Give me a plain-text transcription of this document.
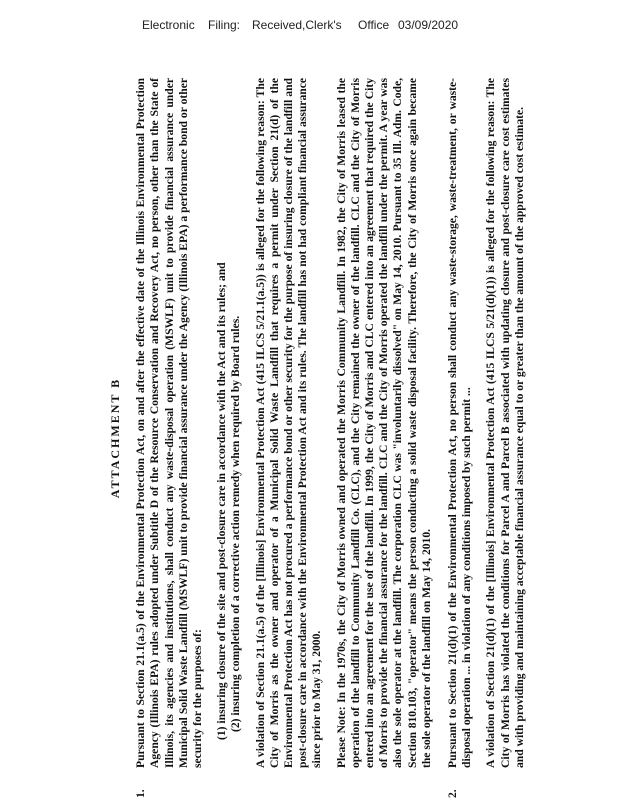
Electronic Filing: Received,Clerk's Office 03/09/2020
ATTACHMENT B
1.
Pursuant to Section 21.1(a.5) of the Environmental Protection Act, on and after the effective date of the Illinois Environmental Protection Agency (Illinois EPA) rules adopted under Subtitle D of the Resource Conservation and Recovery Act, no person, other than the State of Illinois, its agencies and institutions, shall conduct any waste-disposal operation (MSWLF) unit to provide financial assurance under Municipal Solid Waste Landfill (MSWLF) unit to provide financial assurance under the Agency (Illinois EPA) a performance bond or other security for the purposes of: (1) insuring closure of the site and post-closure care in accordance with the Act and its rules; and (2) insuring completion of a corrective action remedy when required by Board rules. A violation of Section 21.1(a.5) of the [Illinois] Environmental Protection Act (415 ILCS 5/21.1(a.5)) is alleged for the following reason: The City of Morris as the owner and operator of a Municipal Solid Waste Landfill that requires a permit under Section 21(d) of the Environmental Protection Act has not procured a performance bond or other security for the purpose of insuring closure of the landfill and post-closure care in accordance with the Environmental Protection Act and its rules. The landfill has not had compliant financial assurance since prior to May 31, 2000. Please Note: In the 1970s, the City of Morris owned and operated the Morris Community Landfill. In 1982, the City of Morris leased the operation of the landfill to Community Landfill Co. (CLC), and the City remained the owner of the landfill. CLC and the City of Morris entered into an agreement for the use of the landfill. In 1999, the City of Morris and CLC entered into an agreement that required the City of Morris to provide the financial assurance for the landfill. CLC and the City of Morris operated the landfill under the permit. A year was also the sole operator at the landfill. The corporation CLC was "involuntarily dissolved" on May 14, 2010. Pursuant to 35 Ill. Adm. Code, Section 810.103, "operator" means the person conducting a solid waste disposal facility. Therefore, the City of Morris once again became the sole operator of the landfill on May 14, 2010.
2.
Pursuant to Section 21(d)(1) of the Environmental Protection Act, no person shall conduct any waste-storage, waste-treatment, or waste-disposal operation ... in violation of any conditions imposed by such permit ... A violation of Section 21(d)(1) of the [Illinois] Environmental Protection Act (415 ILCS 5/21(d)(1)) is alleged for the following reason: The City of Morris has violated the conditions for Parcel A and Parcel B associated with updating closure and post-closure care cost estimates and with providing and maintaining acceptable financial assurance equal to or greater than the amount of the approved cost estimate.
